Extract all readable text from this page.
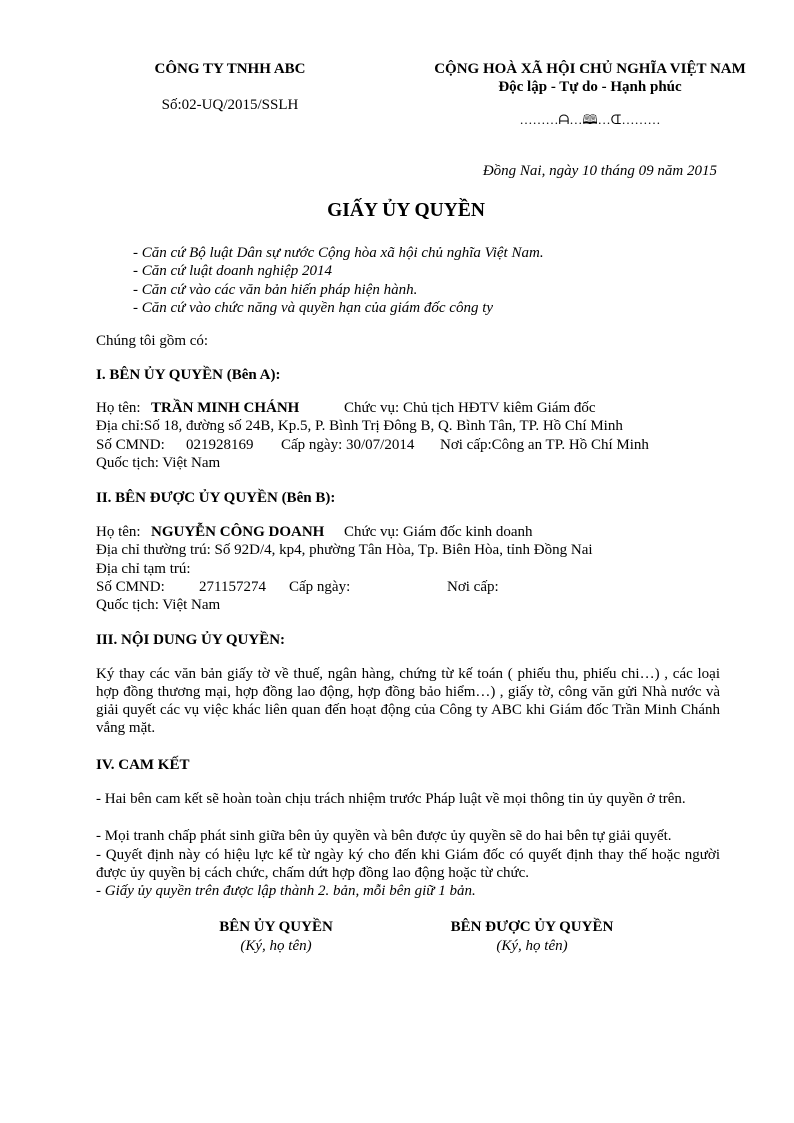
CÔNG TY TNHH ABC
Số:02-UQ/2015/SSLH
CỘNG HOÀ XÃ HỘI CHỦ NGHĨA VIỆT NAM
Độc lập - Tự do - Hạnh phúc
………ᗩ…🕮…ᗭ………
Đồng Nai, ngày 10 tháng 09 năm 2015
GIẤY ỦY QUYỀN
- Căn cứ Bộ luật Dân sự nước Cộng hòa xã hội chủ nghĩa Việt Nam.
- Căn cứ luật doanh nghiệp 2014
- Căn cứ vào các văn bản hiến pháp hiện hành.
- Căn cứ vào chức năng và quyền hạn của giám đốc công ty
Chúng tôi gồm có:
I. BÊN ỦY QUYỀN (Bên A):
Họ tên: TRẦN MINH CHÁNH	Chức vụ: Chủ tịch HĐTV kiêm Giám đốc
Địa chỉ:Số 18, đường số 24B, Kp.5, P. Bình Trị Đông B, Q. Bình Tân, TP. Hồ Chí Minh
Số CMND: 021928169 Cấp ngày: 30/07/2014 Nơi cấp:Công an TP. Hồ Chí Minh
Quốc tịch: Việt Nam
II. BÊN ĐƯỢC ỦY QUYỀN (Bên B):
Họ tên: NGUYỄN CÔNG DOANH Chức vụ: Giám đốc kinh doanh
Địa chỉ thường trú: Số 92D/4, kp4, phường Tân Hòa, Tp. Biên Hòa, tỉnh Đồng Nai
Địa chỉ tạm trú:
Số CMND: 271157274 Cấp ngày:	Nơi cấp:
Quốc tịch: Việt Nam
III. NỘI DUNG ỦY QUYỀN:
Ký thay các văn bản giấy tờ về thuế, ngân hàng, chứng từ kế toán ( phiếu thu, phiếu chi…) , các loại hợp đồng thương mại, hợp đồng lao động, hợp đồng bảo hiểm…) , giấy tờ, công văn gửi Nhà nước và giải quyết các vụ việc khác liên quan đến hoạt động của Công ty ABC khi Giám đốc Trần Minh Chánh vắng mặt.
IV. CAM KẾT
- Hai bên cam kết sẽ hoàn toàn chịu trách nhiệm trước Pháp luật về mọi thông tin ủy quyền ở trên.
- Mọi tranh chấp phát sinh giữa bên ủy quyền và bên được ủy quyền sẽ do hai bên tự giải quyết.
- Quyết định này có hiệu lực kể từ ngày ký cho đến khi Giám đốc có quyết định thay thế hoặc người được ủy quyền bị cách chức, chấm dứt hợp đồng lao động hoặc từ chức.
- Giấy ủy quyền trên được lập thành 2. bản, mỗi bên giữ 1 bản.
BÊN ỦY QUYỀN
(Ký, họ tên)
BÊN ĐƯỢC ỦY QUYỀN
(Ký, họ tên)
